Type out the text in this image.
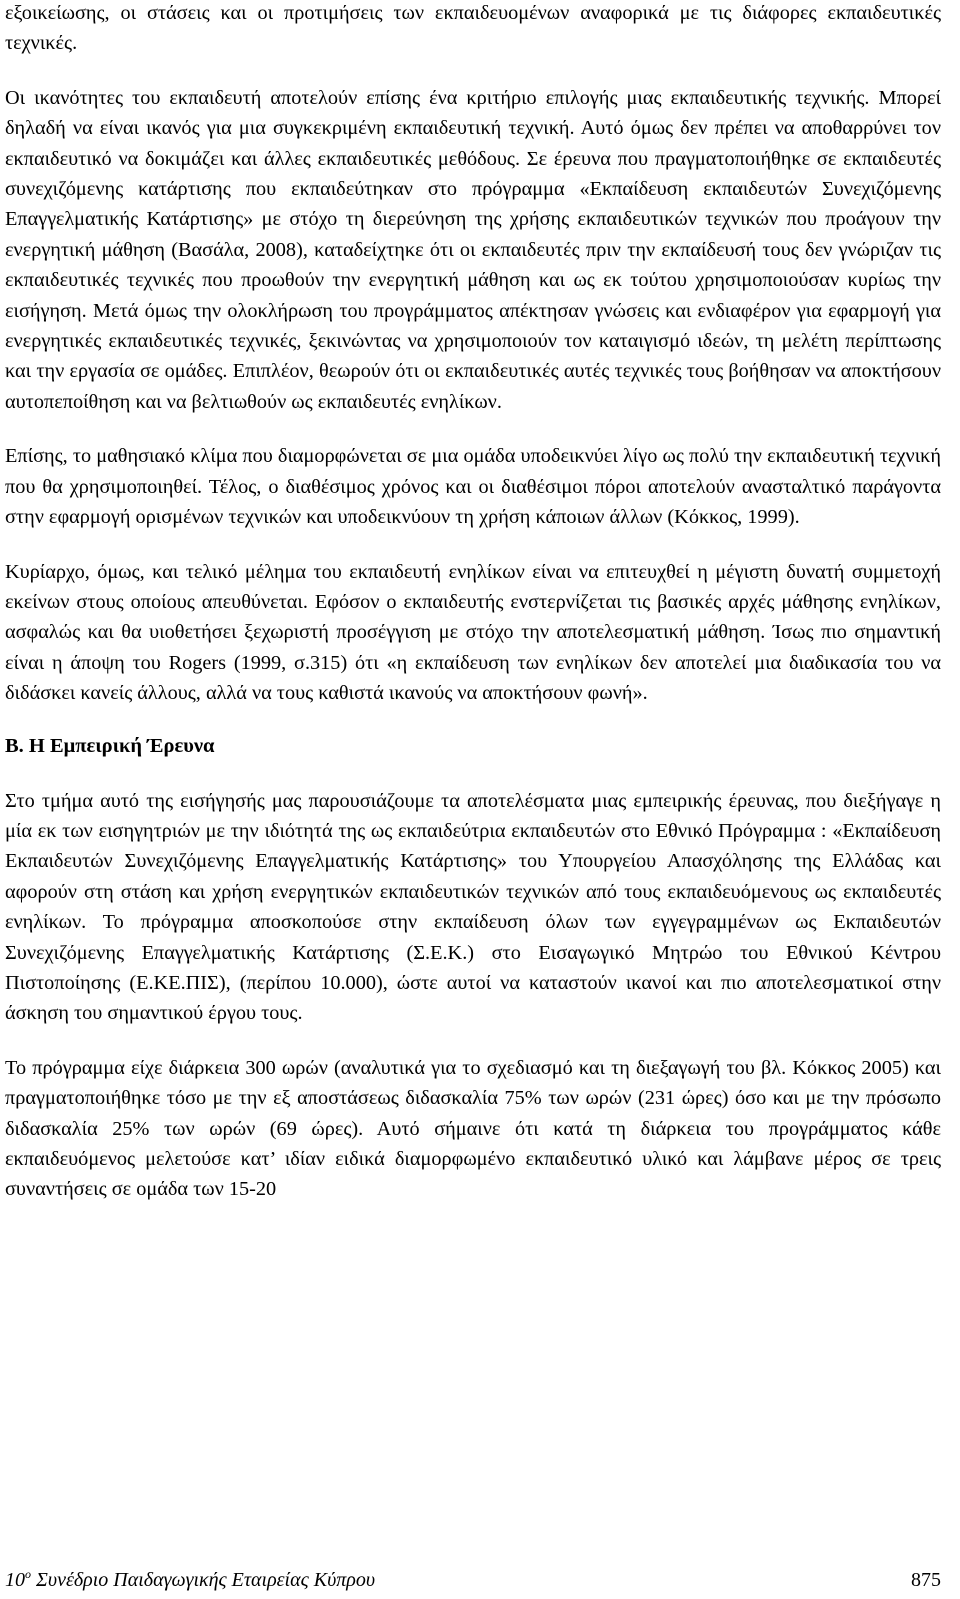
εξοικείωσης, οι στάσεις και οι προτιμήσεις των εκπαιδευομένων αναφορικά με τις διάφορες εκπαιδευτικές τεχνικές.

Οι ικανότητες του εκπαιδευτή αποτελούν επίσης ένα κριτήριο επιλογής μιας εκπαιδευτικής τεχνικής. Μπορεί δηλαδή να είναι ικανός για μια συγκεκριμένη εκπαιδευτική τεχνική. Αυτό όμως δεν πρέπει να αποθαρρύνει τον εκπαιδευτικό να δοκιμάζει και άλλες εκπαιδευτικές μεθόδους. Σε έρευνα που πραγματοποιήθηκε σε εκπαιδευτές συνεχιζόμενης κατάρτισης που εκπαιδεύτηκαν στο πρόγραμμα «Εκπαίδευση εκπαιδευτών Συνεχιζόμενης Επαγγελματικής Κατάρτισης» με στόχο τη διερεύνηση της χρήσης εκπαιδευτικών τεχνικών που προάγουν την ενεργητική μάθηση (Βασάλα, 2008), καταδείχτηκε ότι οι εκπαιδευτές πριν την εκπαίδευσή τους δεν γνώριζαν τις εκπαιδευτικές τεχνικές που προωθούν την ενεργητική μάθηση και ως εκ τούτου χρησιμοποιούσαν κυρίως την εισήγηση. Μετά όμως την ολοκλήρωση του προγράμματος απέκτησαν γνώσεις και ενδιαφέρον για εφαρμογή για ενεργητικές εκπαιδευτικές τεχνικές, ξεκινώντας να χρησιμοποιούν τον καταιγισμό ιδεών, τη μελέτη περίπτωσης και την εργασία σε ομάδες. Επιπλέον, θεωρούν ότι οι εκπαιδευτικές αυτές τεχνικές τους βοήθησαν να αποκτήσουν αυτοπεποίθηση και να βελτιωθούν ως εκπαιδευτές ενηλίκων.

Επίσης, το μαθησιακό κλίμα που διαμορφώνεται σε μια ομάδα υποδεικνύει λίγο ως πολύ την εκπαιδευτική τεχνική που θα χρησιμοποιηθεί. Τέλος, ο διαθέσιμος χρόνος και οι διαθέσιμοι πόροι αποτελούν ανασταλτικό παράγοντα στην εφαρμογή ορισμένων τεχνικών και υποδεικνύουν τη χρήση κάποιων άλλων (Κόκκος, 1999).

Κυρίαρχο, όμως, και τελικό μέλημα του εκπαιδευτή ενηλίκων είναι να επιτευχθεί η μέγιστη δυνατή συμμετοχή εκείνων στους οποίους απευθύνεται. Εφόσον ο εκπαιδευτής ενστερνίζεται τις βασικές αρχές μάθησης ενηλίκων, ασφαλώς και θα υιοθετήσει ξεχωριστή προσέγγιση με στόχο την αποτελεσματική μάθηση. Ίσως πιο σημαντική είναι η άποψη του Rogers (1999, σ.315) ότι «η εκπαίδευση των ενηλίκων δεν αποτελεί μια διαδικασία του να διδάσκει κανείς άλλους, αλλά να τους καθιστά ικανούς να αποκτήσουν φωνή».

Β. Η Εμπειρική Έρευνα

Στο τμήμα αυτό της εισήγησής μας παρουσιάζουμε τα αποτελέσματα μιας εμπειρικής έρευνας, που διεξήγαγε η μία εκ των εισηγητριών με την ιδιότητά της ως εκπαιδεύτρια εκπαιδευτών στο Εθνικό Πρόγραμμα : «Εκπαίδευση Εκπαιδευτών Συνεχιζόμενης Επαγγελματικής Κατάρτισης» του Υπουργείου Απασχόλησης της Ελλάδας και αφορούν στη στάση και χρήση ενεργητικών εκπαιδευτικών τεχνικών από τους εκπαιδευόμενους ως εκπαιδευτές ενηλίκων. Το πρόγραμμα αποσκοπούσε στην εκπαίδευση όλων των εγγεγραμμένων ως Εκπαιδευτών Συνεχιζόμενης Επαγγελματικής Κατάρτισης (Σ.Ε.Κ.) στο Εισαγωγικό Μητρώο του Εθνικού Κέντρου Πιστοποίησης (Ε.ΚΕ.ΠΙΣ), (περίπου 10.000), ώστε αυτοί να καταστούν ικανοί και πιο αποτελεσματικοί στην άσκηση του σημαντικού έργου τους.

Το πρόγραμμα είχε διάρκεια 300 ωρών (αναλυτικά για το σχεδιασμό και τη διεξαγωγή του βλ. Κόκκος 2005) και πραγματοποιήθηκε τόσο με την εξ αποστάσεως διδασκαλία 75% των ωρών (231 ώρες) όσο και με την πρόσωπο διδασκαλία 25% των ωρών (69 ώρες). Αυτό σήμαινε ότι κατά τη διάρκεια του προγράμματος κάθε εκπαιδευόμενος μελετούσε κατ’ ιδίαν ειδικά διαμορφωμένο εκπαιδευτικό υλικό και λάμβανε μέρος σε τρεις συναντήσεις σε ομάδα των 15-20

$10^o$ Συνέδριο Παιδαγωγικής Εταιρείας Κύπρου	875
